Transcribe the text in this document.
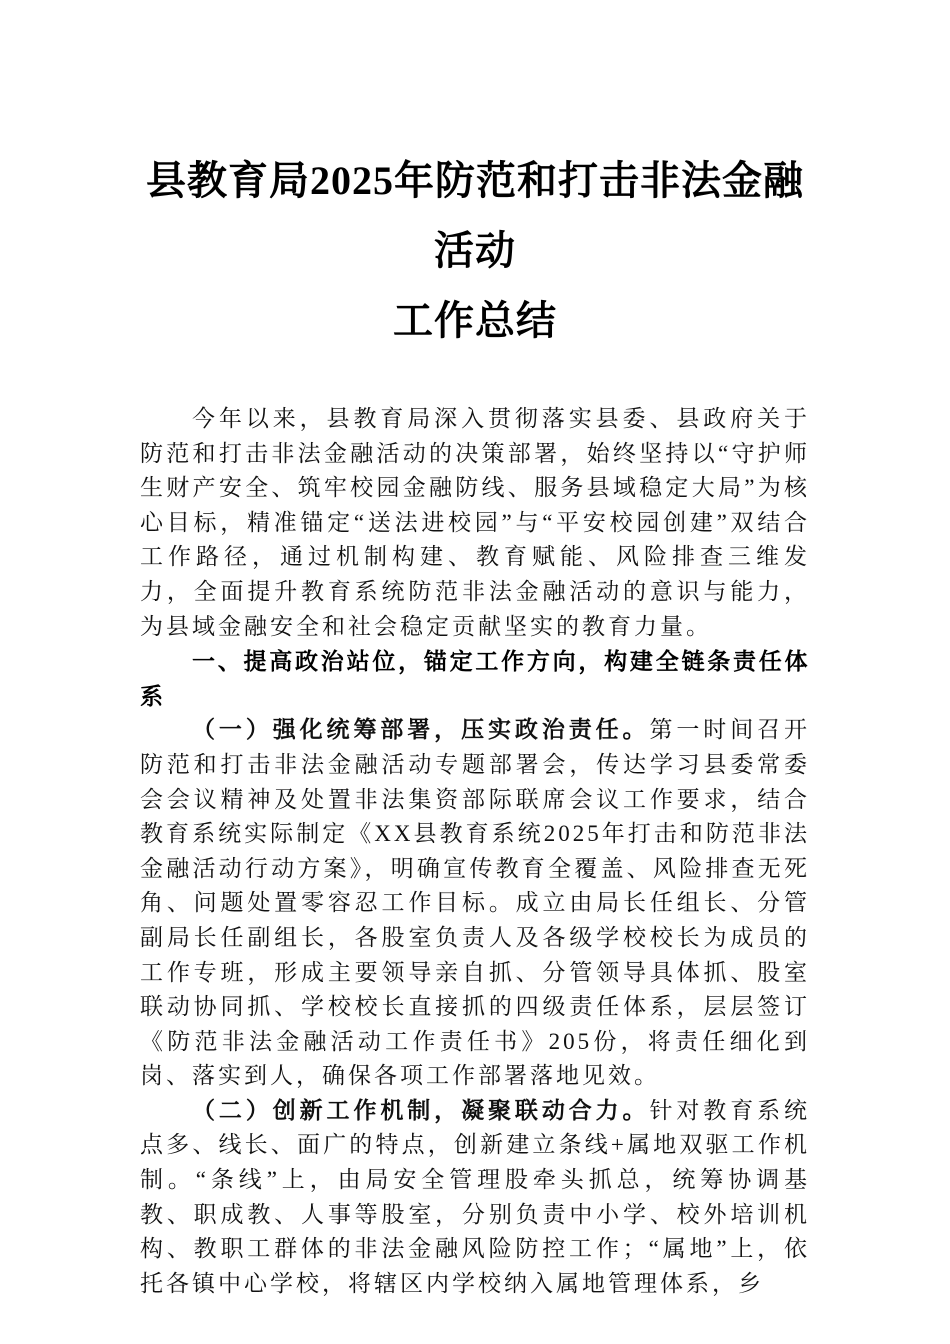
县教育局2025年防范和打击非法金融活动
工作总结

今年以来，县教育局深入贯彻落实县委、县政府关于防范和打击非法金融活动的决策部署，始终坚持以“守护师生财产安全、筑牢校园金融防线、服务县域稳定大局”为核心目标，精准锚定“送法进校园”与“平安校园创建”双结合工作路径，通过机制构建、教育赋能、风险排查三维发力，全面提升教育系统防范非法金融活动的意识与能力，为县域金融安全和社会稳定贡献坚实的教育力量。

一、提高政治站位，锚定工作方向，构建全链条责任体系

（一）强化统筹部署，压实政治责任。第一时间召开防范和打击非法金融活动专题部署会，传达学习县委常委会会议精神及处置非法集资部际联席会议工作要求，结合教育系统实际制定《XX县教育系统2025年打击和防范非法金融活动行动方案》，明确宣传教育全覆盖、风险排查无死角、问题处置零容忍工作目标。成立由局长任组长、分管副局长任副组长，各股室负责人及各级学校校长为成员的工作专班，形成主要领导亲自抓、分管领导具体抓、股室联动协同抓、学校校长直接抓的四级责任体系，层层签订《防范非法金融活动工作责任书》205份，将责任细化到岗、落实到人，确保各项工作部署落地见效。

（二）创新工作机制，凝聚联动合力。针对教育系统点多、线长、面广的特点，创新建立条线+属地双驱工作机制。“条线”上，由局安全管理股牵头抓总，统筹协调基教、职成教、人事等股室，分别负责中小学、校外培训机构、教职工群体的非法金融风险防控工作；“属地”上，依托各镇中心学校，将辖区内学校纳入属地管理体系，乡
